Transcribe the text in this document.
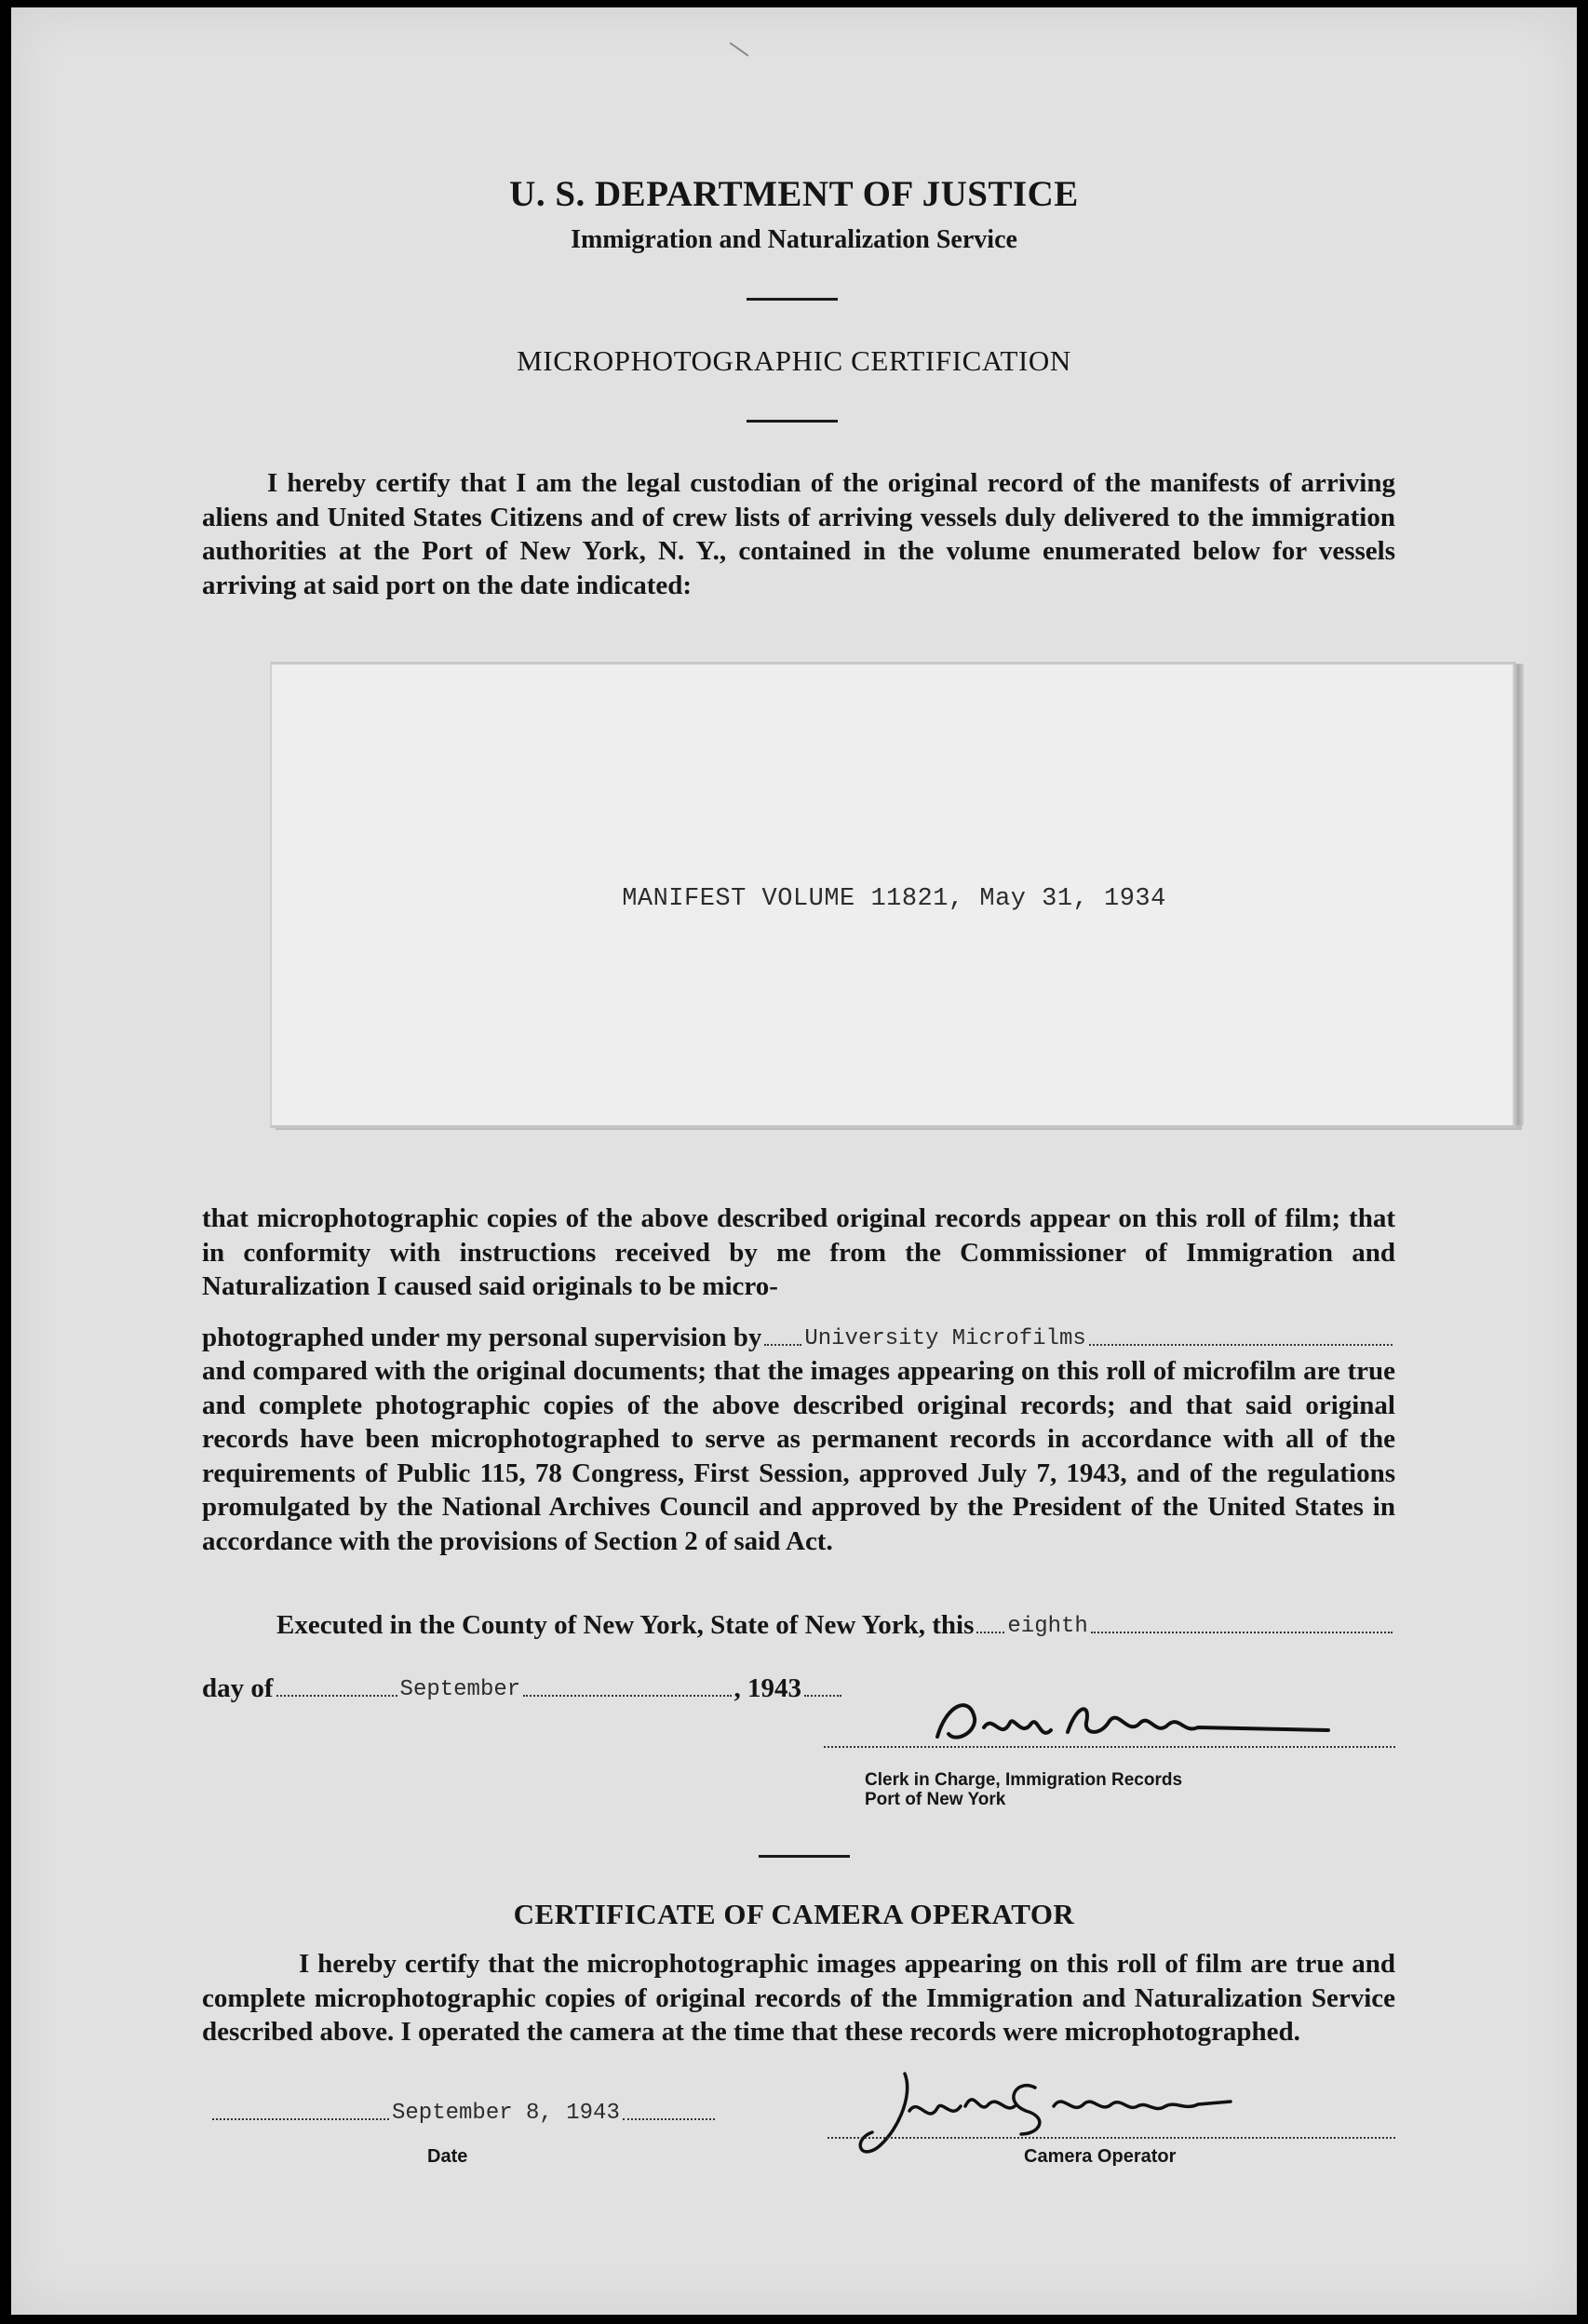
U. S. DEPARTMENT OF JUSTICE
Immigration and Naturalization Service
MICROPHOTOGRAPHIC CERTIFICATION
I hereby certify that I am the legal custodian of the original record of the manifests of arriving aliens and United States Citizens and of crew lists of arriving vessels duly delivered to the immigration authorities at the Port of New York, N. Y., contained in the volume enumerated below for vessels arriving at said port on the date indicated:
MANIFEST VOLUME 11821, May 31, 1934
that microphotographic copies of the above described original records appear on this roll of film; that in conformity with instructions received by me from the Commissioner of Immigration and Naturalization I caused said originals to be micro-
photographed under my personal supervision by University Microfilms
and compared with the original documents; that the images appearing on this roll of microfilm are true and complete photographic copies of the above described original records; and that said original records have been microphotographed to serve as permanent records in accordance with all of the requirements of Public 115, 78 Congress, First Session, approved July 7, 1943, and of the regulations promulgated by the National Archives Council and approved by the President of the United States in accordance with the provisions of Section 2 of said Act.
Executed in the County of New York, State of New York, this eighth
day of	September	, 1943
Clerk in Charge, Immigration Records
Port of New York
CERTIFICATE OF CAMERA OPERATOR
I hereby certify that the microphotographic images appearing on this roll of film are true and complete microphotographic copies of original records of the Immigration and Naturalization Service described above. I operated the camera at the time that these records were microphotographed.
September 8, 1943
Date	Camera Operator
